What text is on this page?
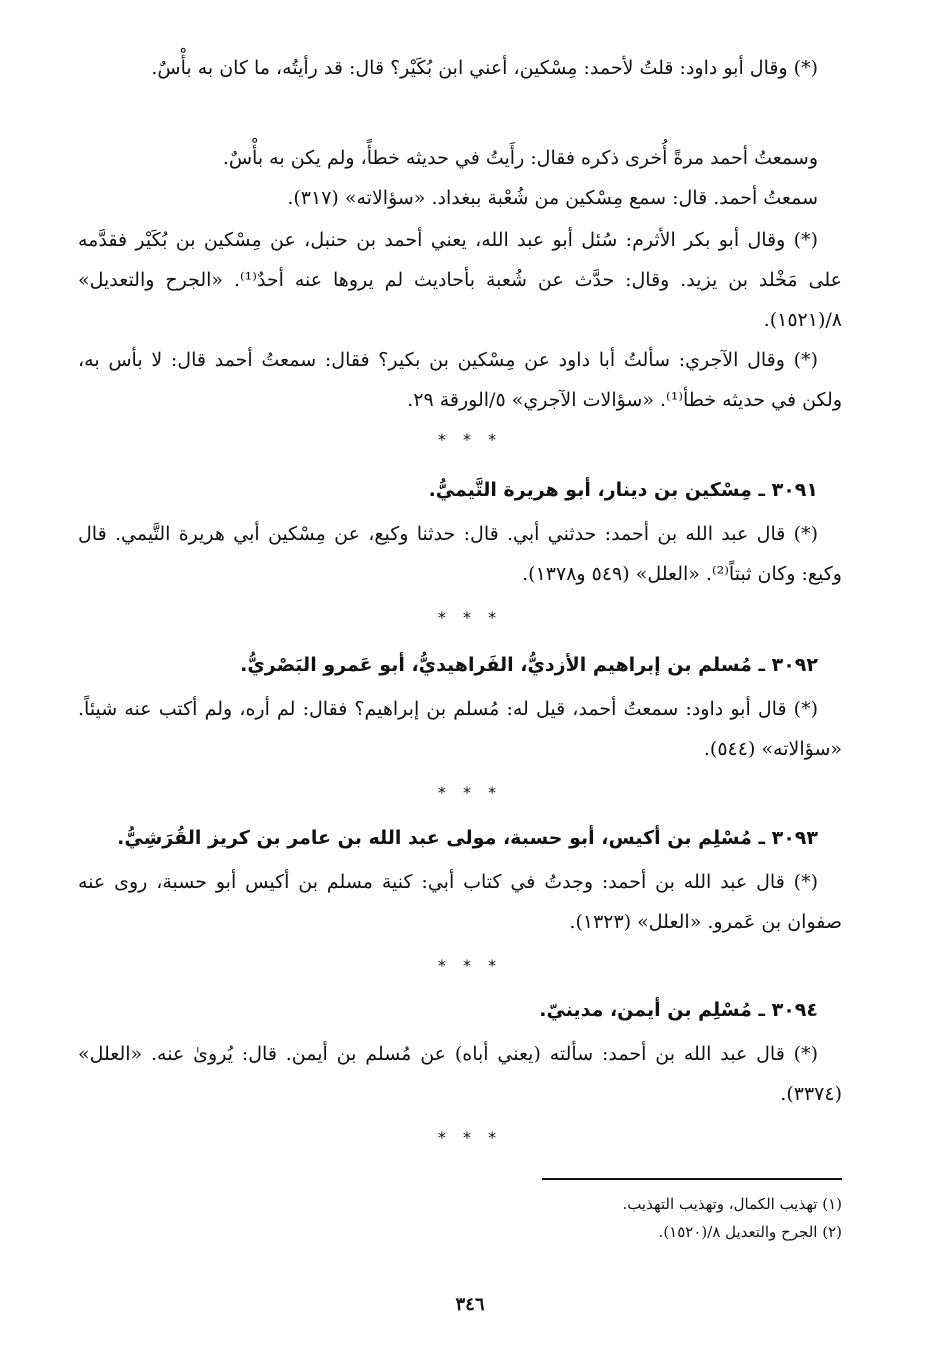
(*) وقال أبو داود: قلتُ لأحمد: مِسْكين، أعني ابن بُكَيْر؟ قال: قد رأيتُه، ما كان به بأْسٌ.

وسمعتُ أحمد مرةً أُخرى ذكره فقال: رأَيتُ في حديثه خطأً، ولم يكن به بأْسٌ.

سمعتُ أحمد. قال: سمع مِسْكين من شُعْبة ببغداد. «سؤالاته» (٣١٧).

(*) وقال أبو بكر الأثرم: سُئل أبو عبد الله، يعني أحمد بن حنبل، عن مِسْكين بن بُكَيْر فقدَّمه على مَخْلد بن يزيد. وقال: حدَّث عن شُعبة بأحاديث لم يروها عنه أحدٌ⁽¹⁾. «الجرح والتعديل» ٨/(١٥٢١).

(*) وقال الآجري: سألتُ أبا داود عن مِسْكين بن بكير؟ فقال: سمعتُ أحمد قال: لا بأس به، ولكن في حديثه خطأ⁽¹⁾. «سؤالات الآجري» ٥/الورقة ٢٩.

* * *

٣٠٩١ ـ مِسْكين بن دينار، أبو هريرة التَّيميُّ.

(*) قال عبد الله بن أحمد: حدثني أبي. قال: حدثنا وكيع، عن مِسْكين أبي هريرة التَّيمي. قال وكيع: وكان ثبتاً⁽²⁾. «العلل» (٥٤٩ و١٣٧٨).

* * *

٣٠٩٢ ـ مُسلم بن إبراهيم الأزديُّ، الفَراهيديُّ، أبو عَمرو البَصْريُّ.

(*) قال أبو داود: سمعتُ أحمد، قيل له: مُسلم بن إبراهيم؟ فقال: لم أره، ولم أكتب عنه شيئاً. «سؤالاته» (٥٤٤).

* * *

٣٠٩٣ ـ مُسْلِم بن أكيس، أبو حسبة، مولى عبد الله بن عامر بن كريز القُرَشِيُّ.

(*) قال عبد الله بن أحمد: وجدتُ في كتاب أبي: كنية مسلم بن أكيس أبو حسبة، روى عنه صفوان بن عَمرو. «العلل» (١٣٢٣).

* * *

٣٠٩٤ ـ مُسْلِم بن أيمن، مدينيّ.

(*) قال عبد الله بن أحمد: سألته (يعني أباه) عن مُسلم بن أيمن. قال: يُروىٰ عنه. «العلل» (٣٣٧٤).

* * *

(١) تهذيب الكمال، وتهذيب التهذيب.

(٢) الجرح والتعديل ٨/(١٥٢٠).

٣٤٦
